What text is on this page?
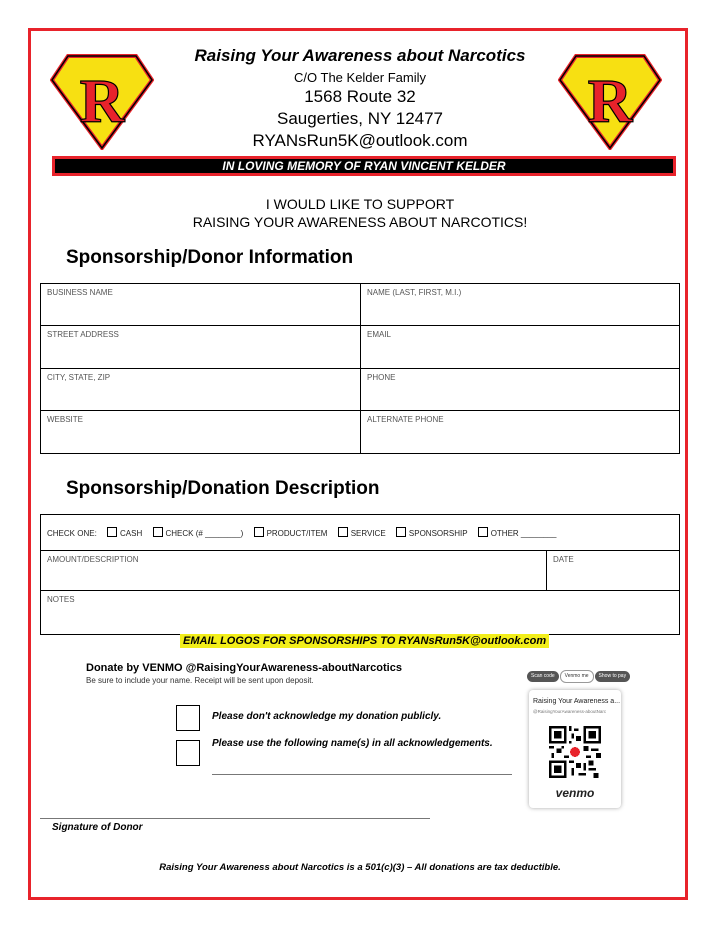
R	R
Raising Your Awareness about Narcotics
C/O The Kelder Family
1568 Route 32
Saugerties, NY 12477
RYANsRun5K@outlook.com
IN LOVING MEMORY OF RYAN VINCENT KELDER
I WOULD LIKE TO SUPPORT
RAISING YOUR AWARENESS ABOUT NARCOTICS!
Sponsorship/Donor Information
BUSINESS NAME	NAME (LAST, FIRST, M.I.)
STREET ADDRESS	EMAIL
CITY, STATE, ZIP	PHONE
WEBSITE	ALTERNATE PHONE
Sponsorship/Donation Description
CHECK ONE:	CASH	CHECK (# ________)	PRODUCT/ITEM	SERVICE	SPONSORSHIP	OTHER ________
AMOUNT/DESCRIPTION	DATE
NOTES
EMAIL LOGOS FOR SPONSORSHIPS TO RYANsRun5K@outlook.com
Donate by VENMO @RaisingYourAwareness-aboutNarcotics
Be sure to include your name. Receipt will be sent upon deposit.
Please don't acknowledge my donation publicly.
Please use the following name(s) in all acknowledgements.
Scan code Venmo me Show to pay
Raising Your Awareness a...
@RaisingYourAwareness-aboutNarc
venmo
Signature of Donor
Raising Your Awareness about Narcotics is a 501(c)(3) – All donations are tax deductible.
